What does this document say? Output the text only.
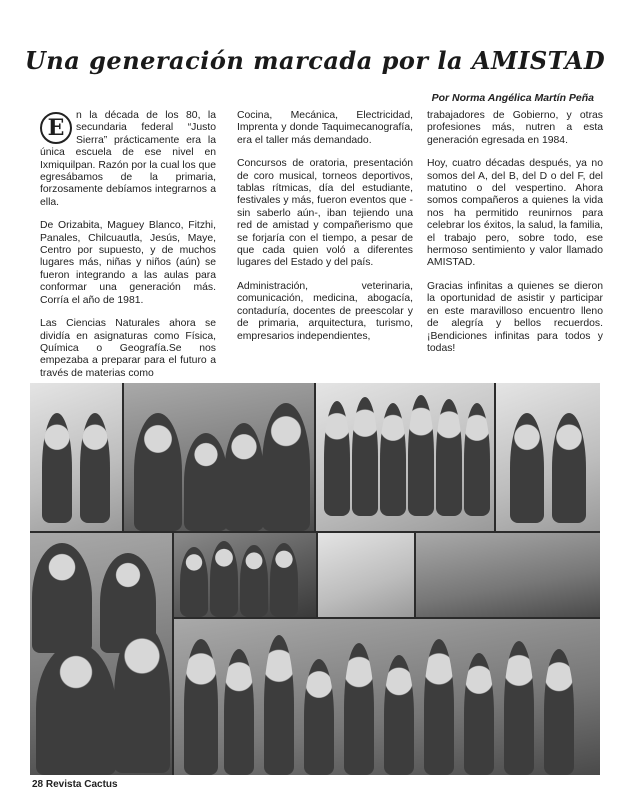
Una generación marcada por la AMISTAD
Por Norma Angélica Martín Peña

E	n la década de los 80, la secundaria federal “Justo Sierra” prácticamente era la única escuela de ese nivel en Ixmiquilpan. Razón por la cual los que egresábamos de la primaria, forzosamente debíamos integrarnos a ella.

De Orizabita, Maguey Blanco, Fitzhi, Panales, Chilcuautla, Jesús, Maye, Centro por supuesto, y de muchos lugares más, niñas y niños (aún) se fueron integrando a las aulas para conformar una generación más. Corría el año de 1981.

Las Ciencias Naturales ahora se dividía en asignaturas como Física, Química o Geografía.Se nos empezaba a preparar para el futuro a través de materias como

Cocina, Mecánica, Electricidad, Imprenta y donde Taquimecanografía, era el taller más demandado.

Concursos de oratoria, presentación de coro musical, torneos deportivos, tablas rítmicas, día del estudiante, festivales y más, fueron eventos que -sin saberlo aún-, iban tejiendo una red de amistad y compañerismo que se forjaría con el tiempo, a pesar de que cada quien voló a diferentes lugares del Estado y del país.

Administración, veterinaria, comunicación, medicina, abogacía, contaduría, docentes de preescolar y de primaria, arquitectura, turismo, empresarios independientes,

trabajadores de Gobierno, y otras profesiones más, nutren a esta generación egresada en 1984.

Hoy, cuatro décadas después, ya no somos del A, del B, del D o del F, del matutino o del vespertino. Ahora somos compañeros a quienes la vida nos ha permitido reunirnos para celebrar los éxitos, la salud, la familia, el trabajo pero, sobre todo, ese hermoso sentimiento y valor llamado AMISTAD.

Gracias infinitas a quienes se dieron la oportunidad de asistir y participar en este maravilloso encuentro lleno de alegría y bellos recuerdos. ¡Bendiciones infinitas para todos y todas!

28 Revista Cactus
